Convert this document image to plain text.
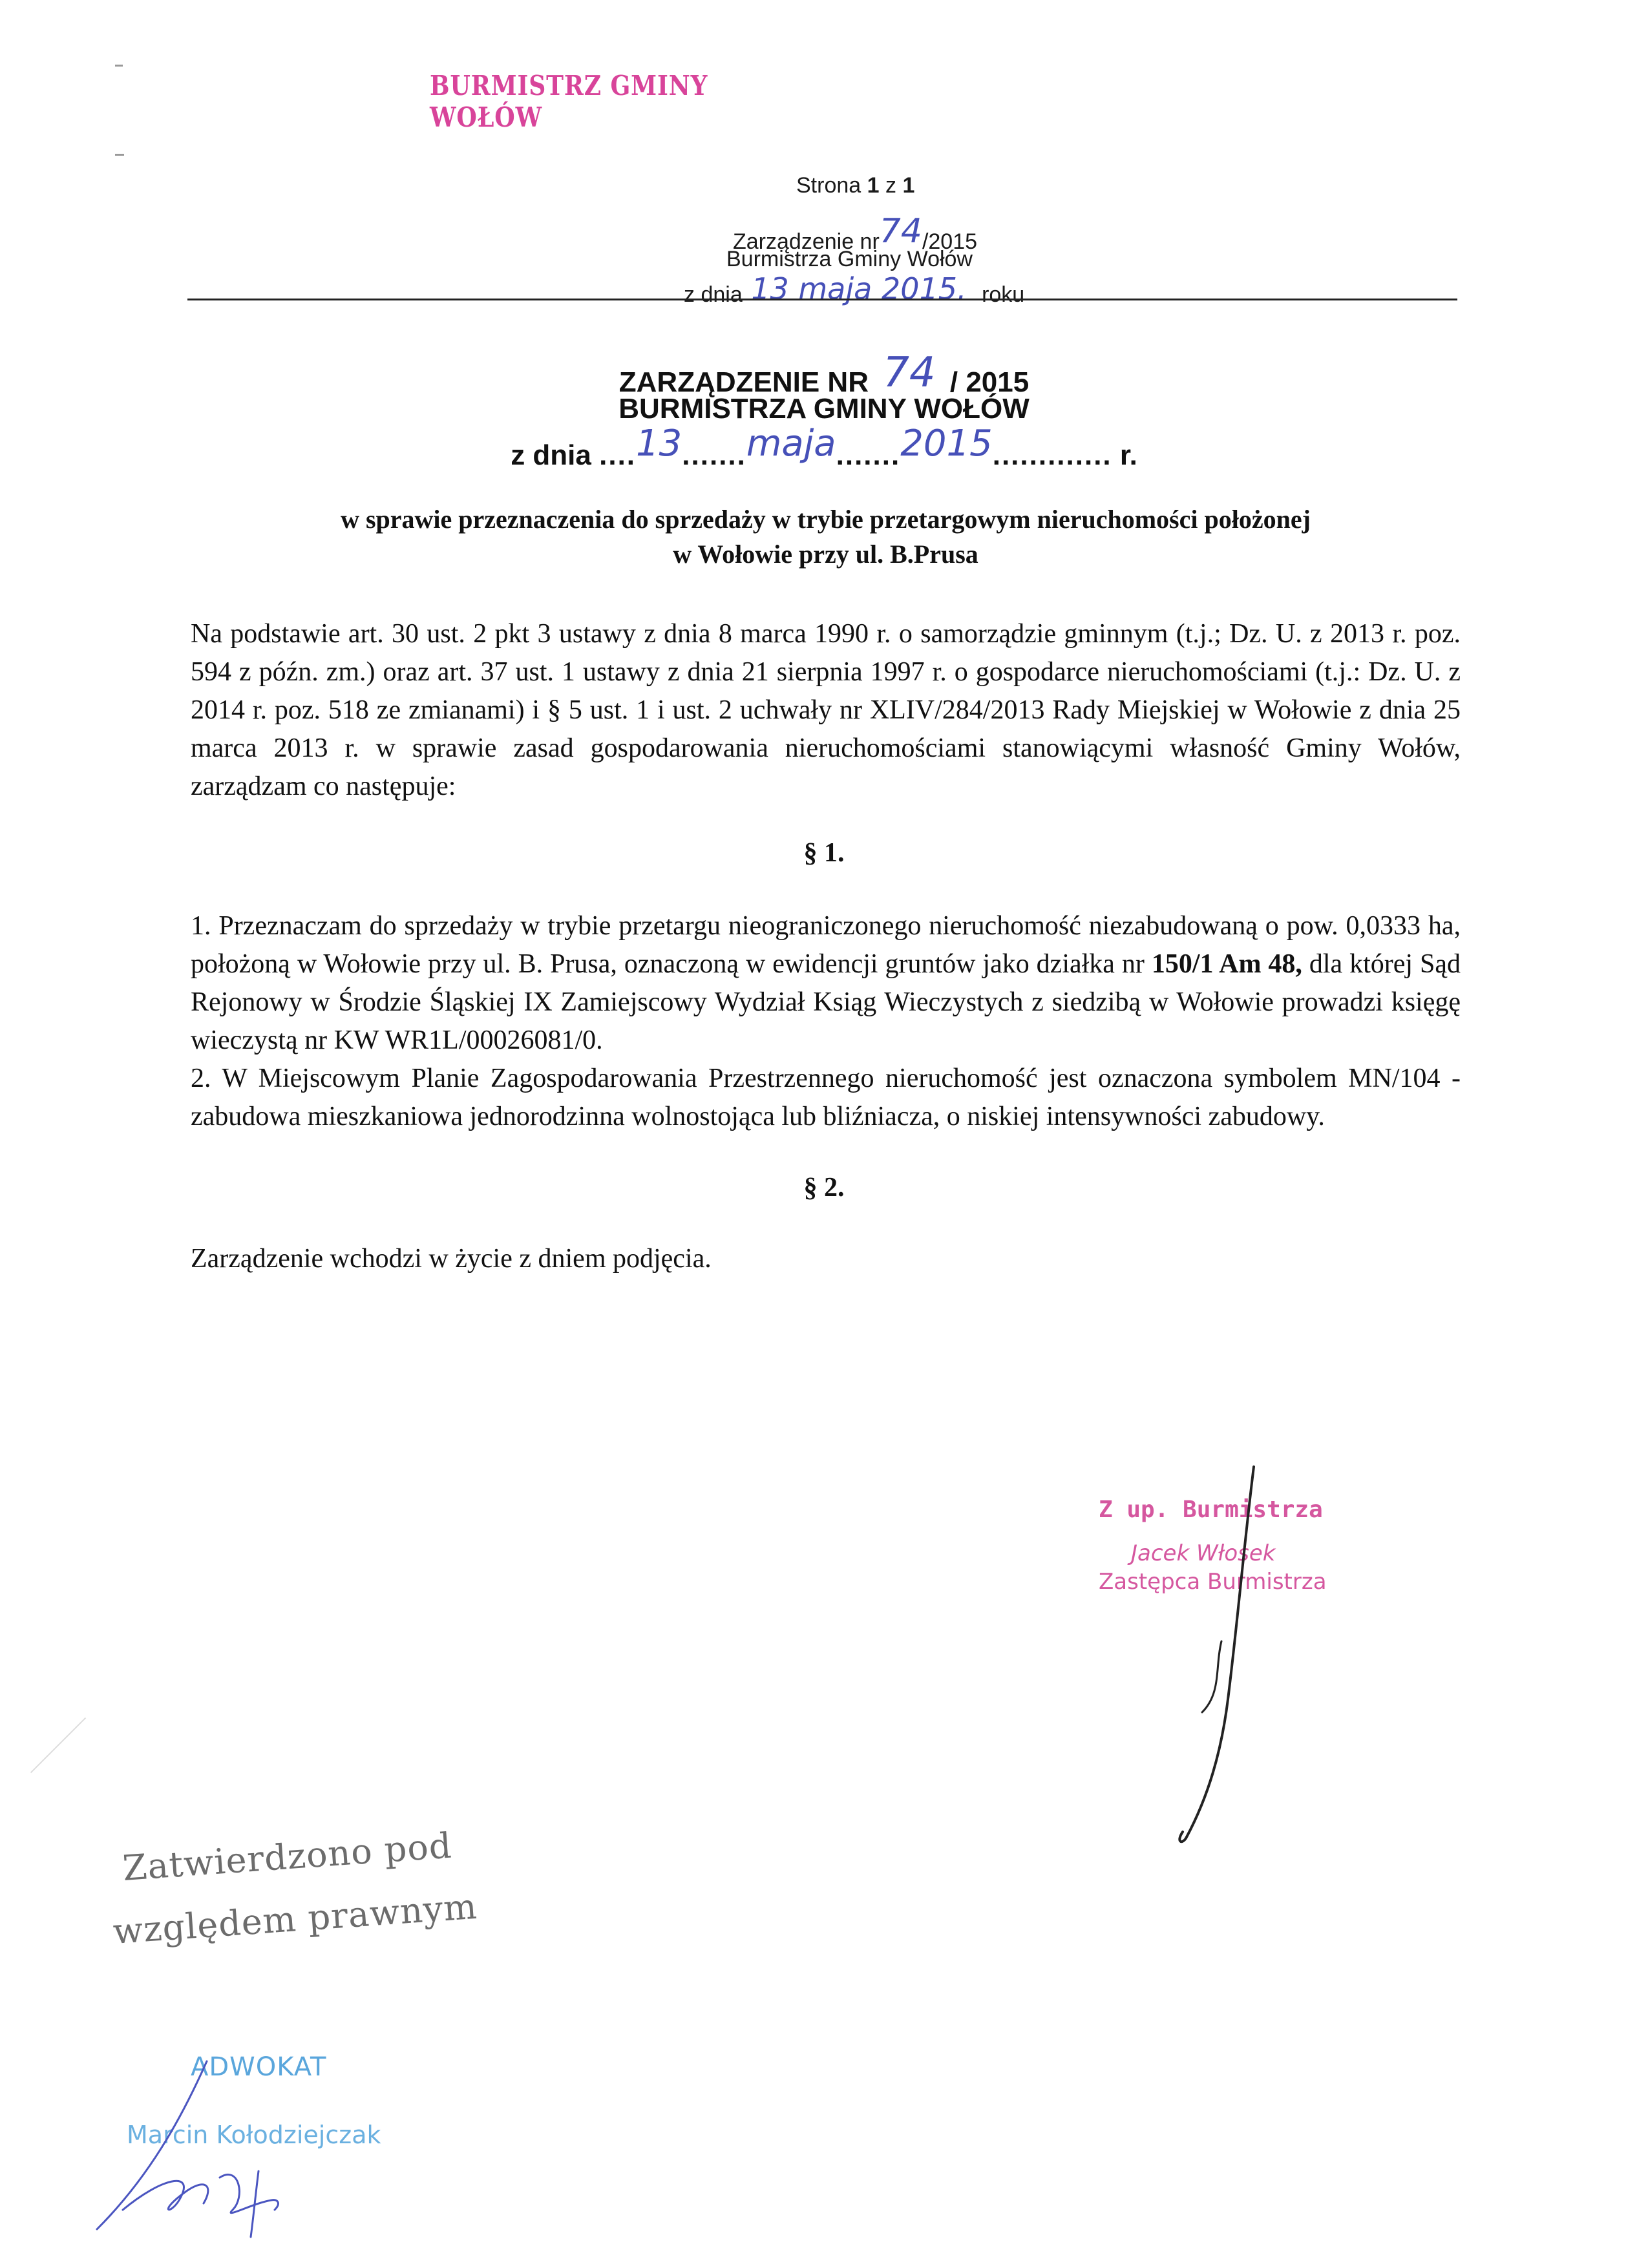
BURMISTRZ GMINY WOŁÓW
Strona 1 z 1
Zarządzenie nr74/2015
Burmistrza Gminy Wołów
z dnia 13 maja 2015. roku
ZARZĄDZENIE NR 74 / 2015
BURMISTRZA GMINY WOŁÓW
z dnia ....13.......maja.......2015............. r.
w sprawie przeznaczenia do sprzedaży w trybie przetargowym nieruchomości położonej
w Wołowie przy ul. B.Prusa
Na podstawie art. 30 ust. 2 pkt 3 ustawy z dnia 8 marca 1990 r. o samorządzie gminnym (t.j.; Dz. U. z 2013 r. poz. 594 z późn. zm.) oraz art. 37 ust. 1 ustawy z dnia 21 sierpnia 1997 r. o gospodarce nieruchomościami (t.j.: Dz. U. z 2014 r. poz. 518 ze zmianami) i § 5 ust. 1 i ust. 2 uchwały nr XLIV/284/2013 Rady Miejskiej w Wołowie z dnia 25 marca 2013 r. w sprawie zasad gospodarowania nieruchomościami stanowiącymi własność Gminy Wołów, zarządzam co następuje:
§ 1.
1. Przeznaczam do sprzedaży w trybie przetargu nieograniczonego nieruchomość niezabudowaną o pow. 0,0333 ha, położoną w Wołowie przy ul. B. Prusa, oznaczoną w ewidencji gruntów jako działka nr 150/1 Am 48, dla której Sąd Rejonowy w Środzie Śląskiej IX Zamiejscowy Wydział Ksiąg Wieczystych z siedzibą w Wołowie prowadzi księgę wieczystą nr KW WR1L/00026081/0.
2. W Miejscowym Planie Zagospodarowania Przestrzennego nieruchomość jest oznaczona symbolem MN/104 - zabudowa mieszkaniowa jednorodzinna wolnostojąca lub bliźniacza, o niskiej intensywności zabudowy.
§ 2.
Zarządzenie wchodzi w życie z dniem podjęcia.
Z up. Burmistrza
Jacek Włosek
Zastępca Burmistrza
Zatwierdzono pod
względem prawnym
ADWOKAT
Marcin Kołodziejczak
